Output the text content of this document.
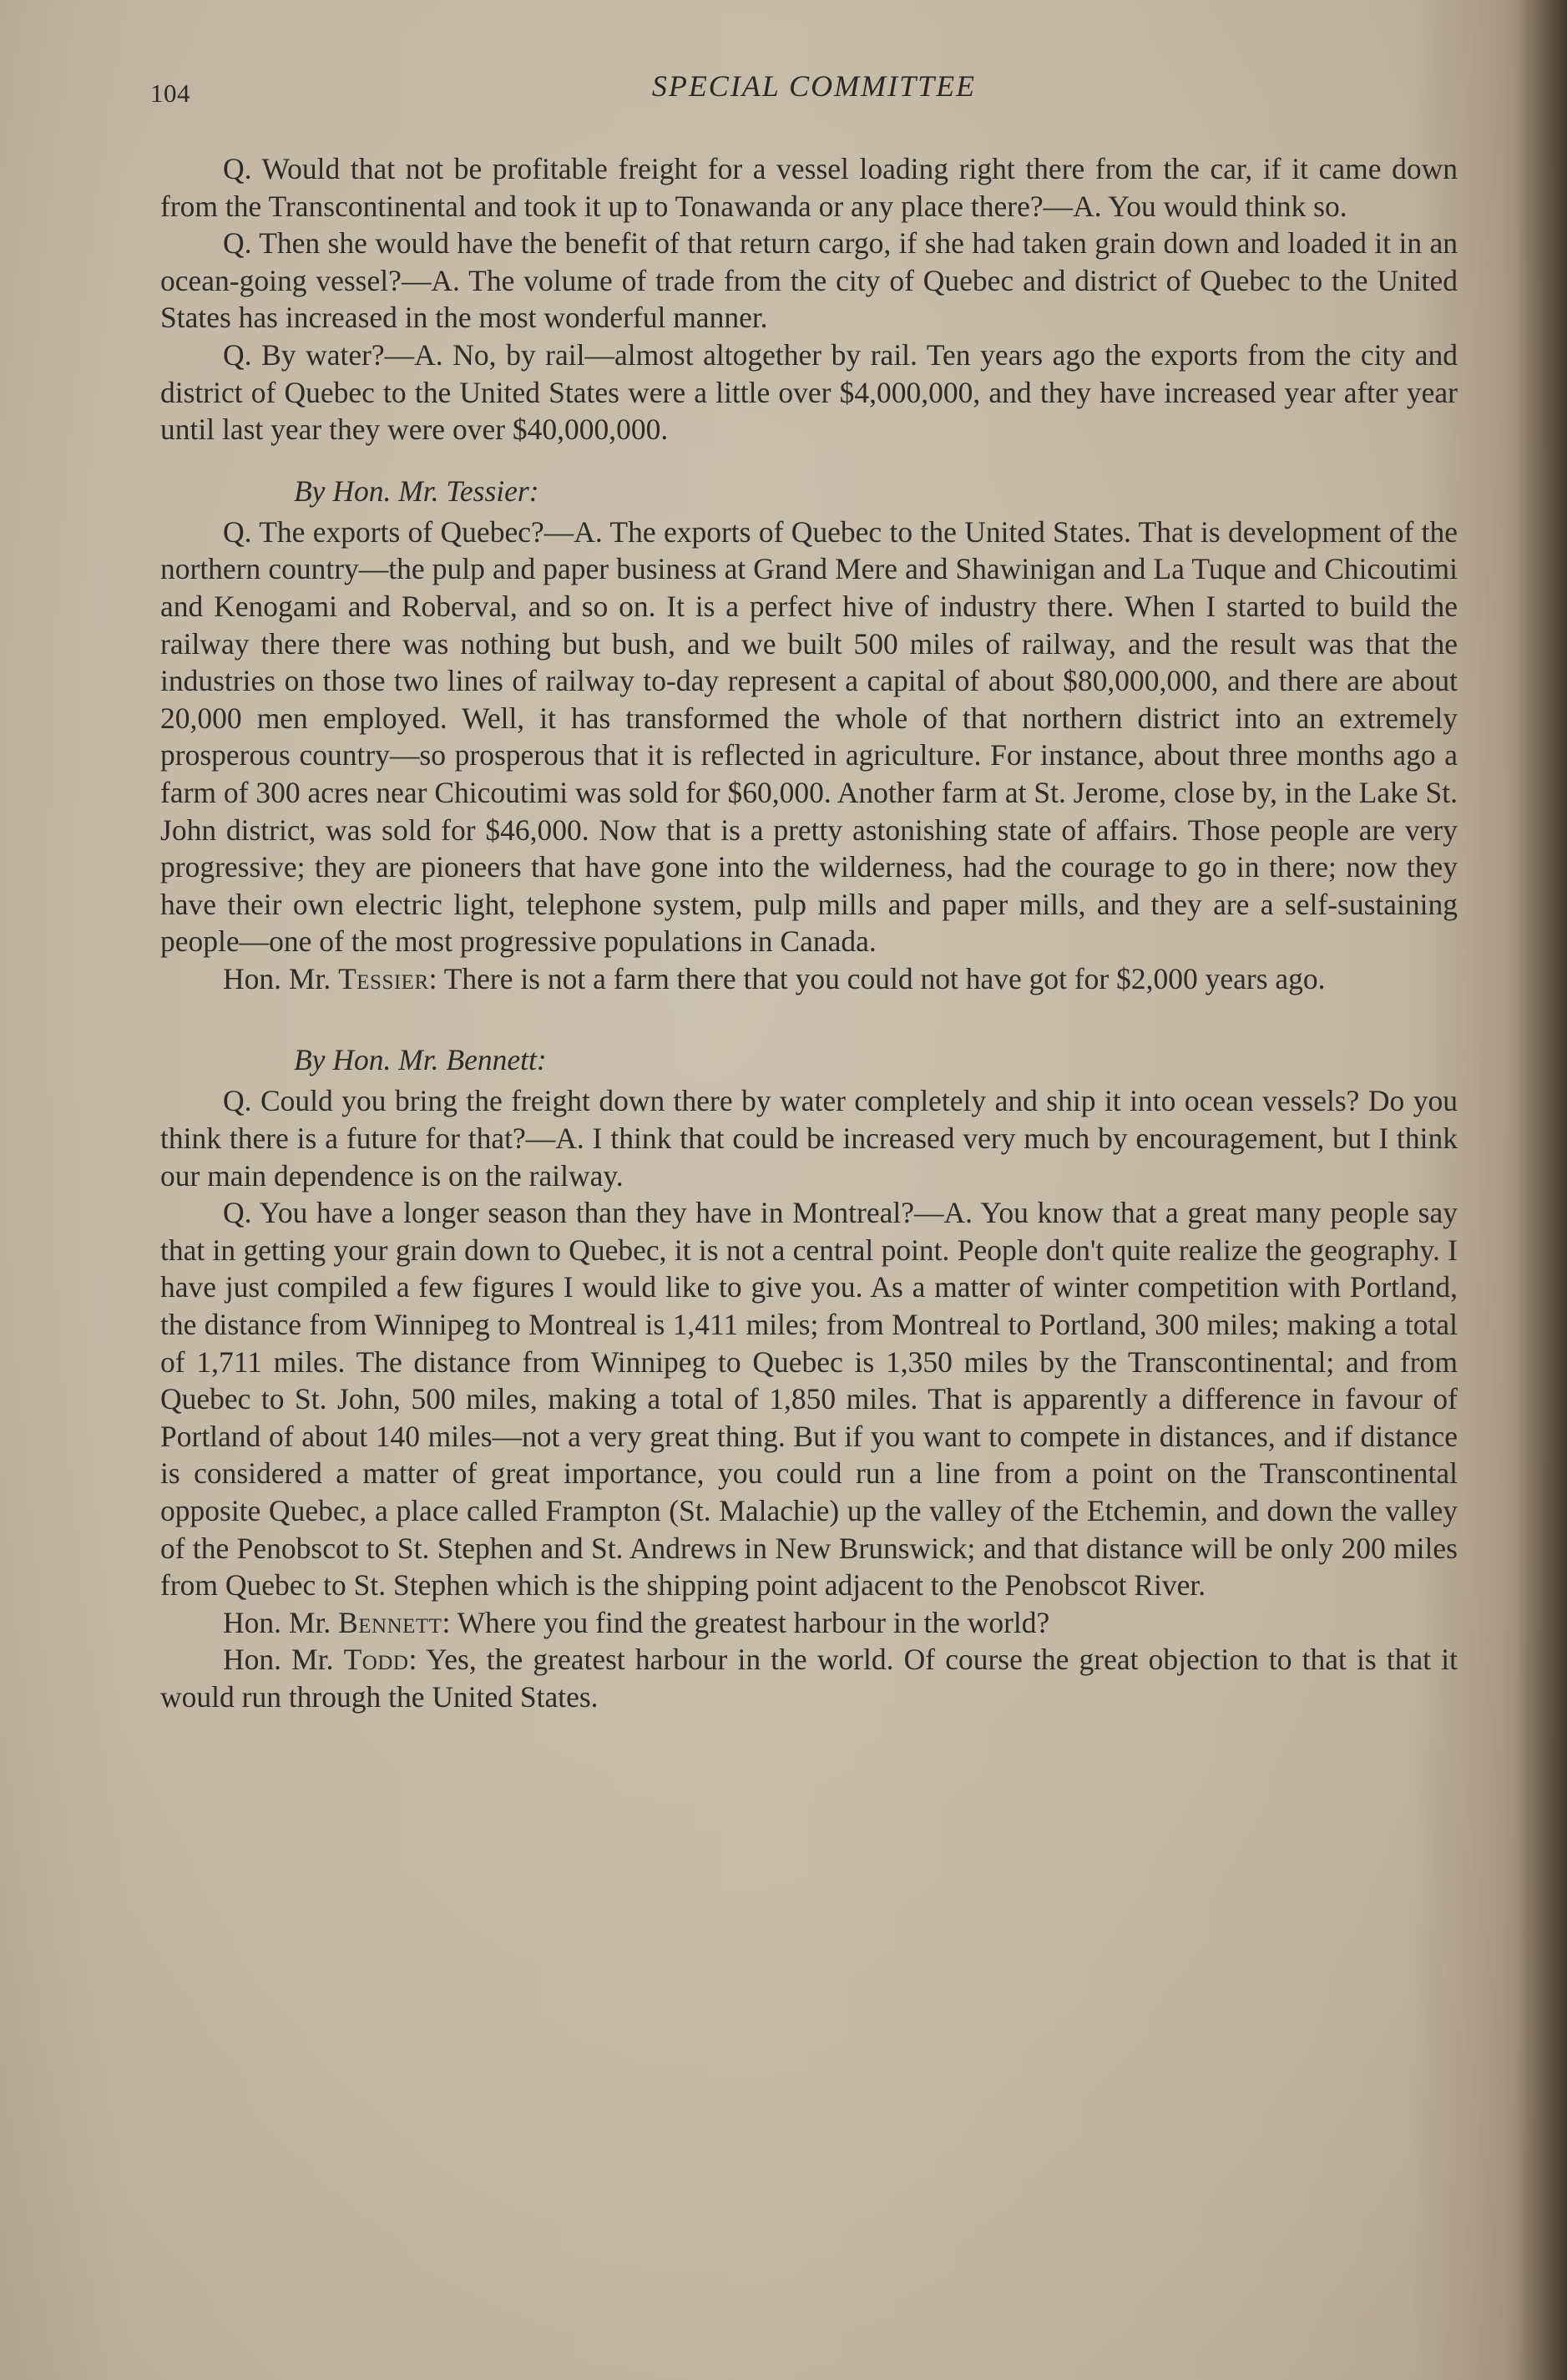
104	SPECIAL COMMITTEE

Q. Would that not be profitable freight for a vessel loading right there from the car, if it came down from the Transcontinental and took it up to Tonawanda or any place there?—A. You would think so.

Q. Then she would have the benefit of that return cargo, if she had taken grain down and loaded it in an ocean-going vessel?—A. The volume of trade from the city of Quebec and district of Quebec to the United States has increased in the most wonderful manner.

Q. By water?—A. No, by rail—almost altogether by rail. Ten years ago the exports from the city and district of Quebec to the United States were a little over $4,000,000, and they have increased year after year until last year they were over $40,000,000.

By Hon. Mr. Tessier:

Q. The exports of Quebec?—A. The exports of Quebec to the United States. That is development of the northern country—the pulp and paper business at Grand Mere and Shawinigan and La Tuque and Chicoutimi and Kenogami and Roberval, and so on. It is a perfect hive of industry there. When I started to build the railway there there was nothing but bush, and we built 500 miles of railway, and the result was that the industries on those two lines of railway to-day represent a capital of about $80,000,000, and there are about 20,000 men employed. Well, it has transformed the whole of that northern district into an extremely prosperous country—so prosperous that it is reflected in agriculture. For instance, about three months ago a farm of 300 acres near Chicoutimi was sold for $60,000. Another farm at St. Jerome, close by, in the Lake St. John district, was sold for $46,000. Now that is a pretty astonishing state of affairs. Those people are very progressive; they are pioneers that have gone into the wilderness, had the courage to go in there; now they have their own electric light, telephone system, pulp mills and paper mills, and they are a self-sustaining people—one of the most progressive populations in Canada.

Hon. Mr. Tessier: There is not a farm there that you could not have got for $2,000 years ago.

By Hon. Mr. Bennett:

Q. Could you bring the freight down there by water completely and ship it into ocean vessels? Do you think there is a future for that?—A. I think that could be increased very much by encouragement, but I think our main dependence is on the railway.

Q. You have a longer season than they have in Montreal?—A. You know that a great many people say that in getting your grain down to Quebec, it is not a central point. People don't quite realize the geography. I have just compiled a few figures I would like to give you. As a matter of winter competition with Portland, the distance from Winnipeg to Montreal is 1,411 miles; from Montreal to Portland, 300 miles; making a total of 1,711 miles. The distance from Winnipeg to Quebec is 1,350 miles by the Transcontinental; and from Quebec to St. John, 500 miles, making a total of 1,850 miles. That is apparently a difference in favour of Portland of about 140 miles—not a very great thing. But if you want to compete in distances, and if distance is considered a matter of great importance, you could run a line from a point on the Transcontinental opposite Quebec, a place called Frampton (St. Malachie) up the valley of the Etchemin, and down the valley of the Penobscot to St. Stephen and St. Andrews in New Brunswick; and that distance will be only 200 miles from Quebec to St. Stephen which is the shipping point adjacent to the Penobscot River.

Hon. Mr. Bennett: Where you find the greatest harbour in the world?

Hon. Mr. Todd: Yes, the greatest harbour in the world. Of course the great objection to that is that it would run through the United States.
